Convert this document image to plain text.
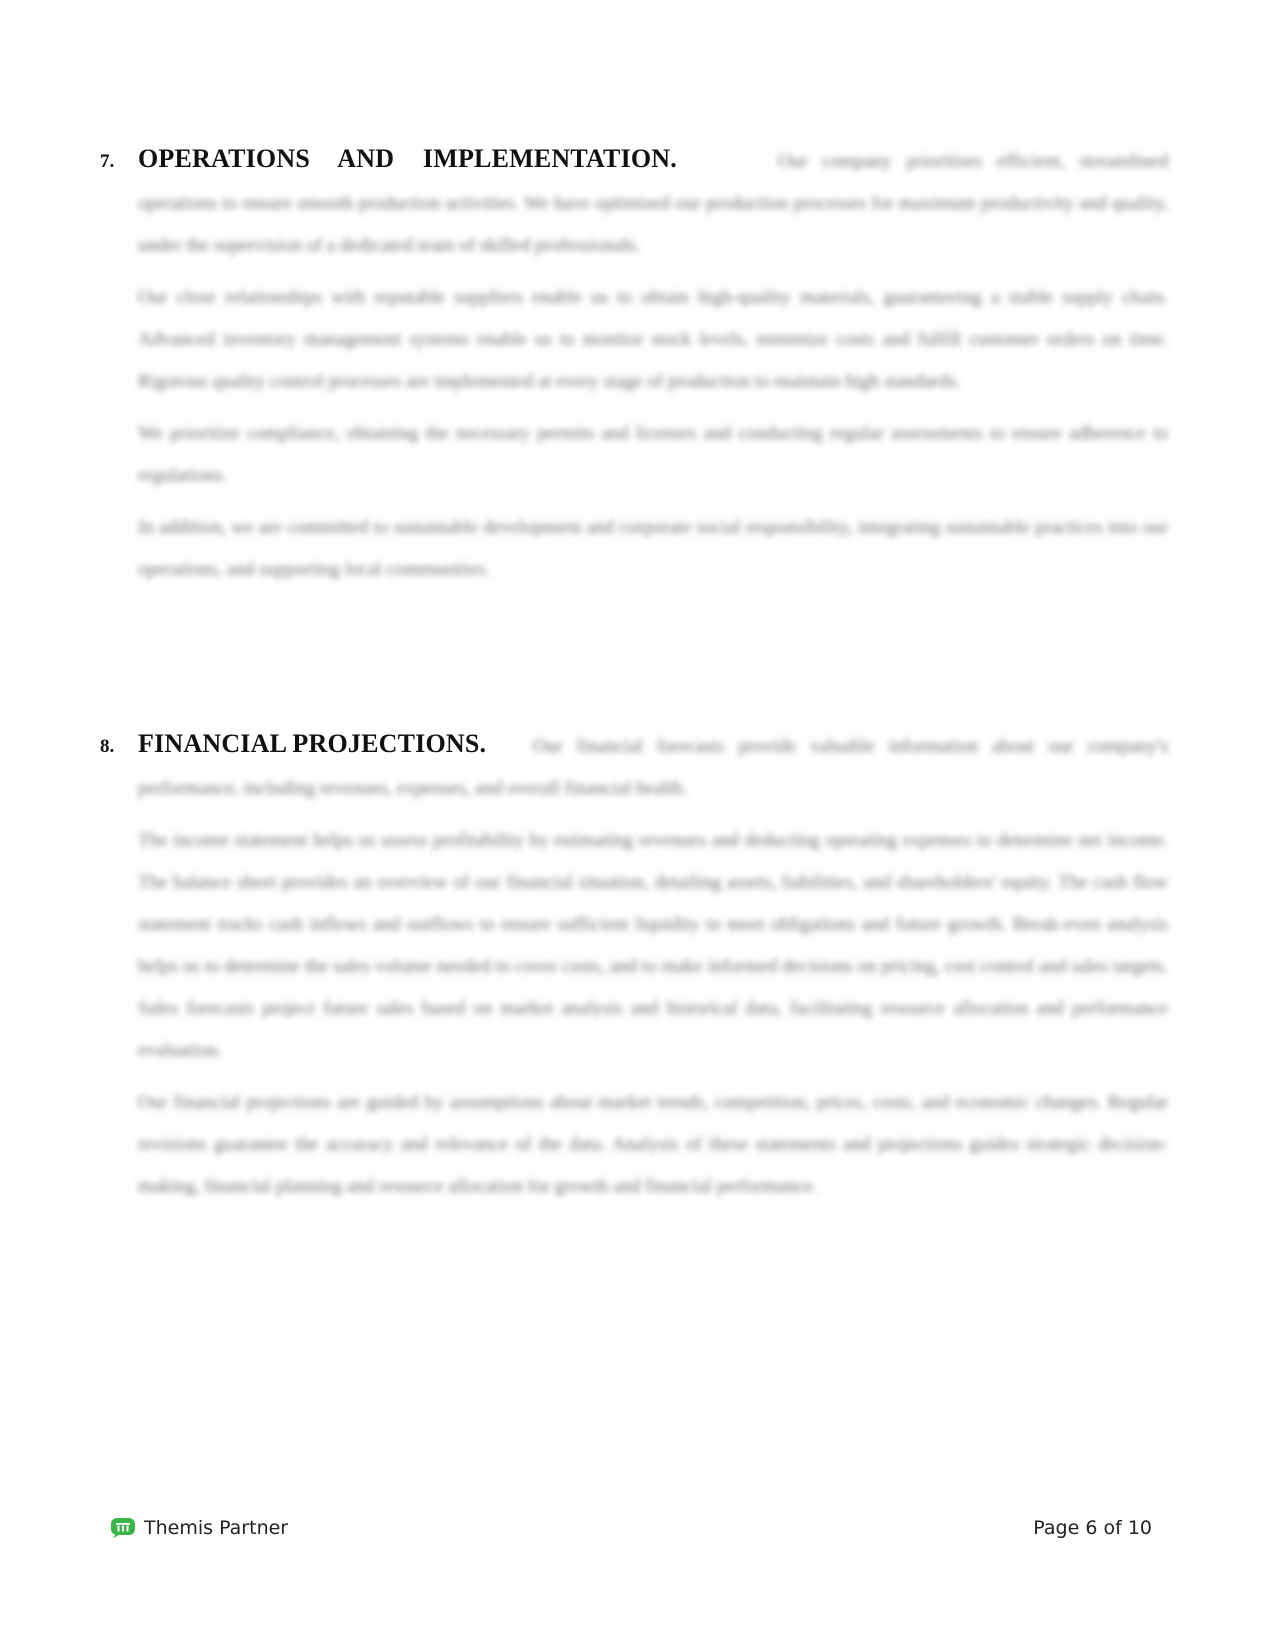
7. OPERATIONS AND IMPLEMENTATION.	Our company prioritises efficient, streamlined operations to ensure smooth production activities. We have optimised our production processes for maximum productivity and quality, under the supervision of a dedicated team of skilled professionals.
Our close relationships with reputable suppliers enable us to obtain high-quality materials, guaranteeing a stable supply chain. Advanced inventory management systems enable us to monitor stock levels, minimize costs and fulfill customer orders on time. Rigorous quality control processes are implemented at every stage of production to maintain high standards.
We prioritize compliance, obtaining the necessary permits and licenses and conducting regular assessments to ensure adherence to regulations.
In addition, we are committed to sustainable development and corporate social responsibility, integrating sustainable practices into our operations, and supporting local communities.
8. FINANCIAL PROJECTIONS.	Our financial forecasts provide valuable information about our company's performance, including revenues, expenses, and overall financial health.
The income statement helps us assess profitability by estimating revenues and deducting operating expenses to determine net income. The balance sheet provides an overview of our financial situation, detailing assets, liabilities, and shareholders' equity. The cash flow statement tracks cash inflows and outflows to ensure sufficient liquidity to meet obligations and future growth. Break-even analysis helps us to determine the sales volume needed to cover costs, and to make informed decisions on pricing, cost control and sales targets. Sales forecasts project future sales based on market analysis and historical data, facilitating resource allocation and performance evaluation.
Our financial projections are guided by assumptions about market trends, competition, prices, costs, and economic changes. Regular revisions guarantee the accuracy and relevance of the data. Analysis of these statements and projections guides strategic decision-making, financial planning and resource allocation for growth and financial performance.
Themis Partner	Page 6 of 10
